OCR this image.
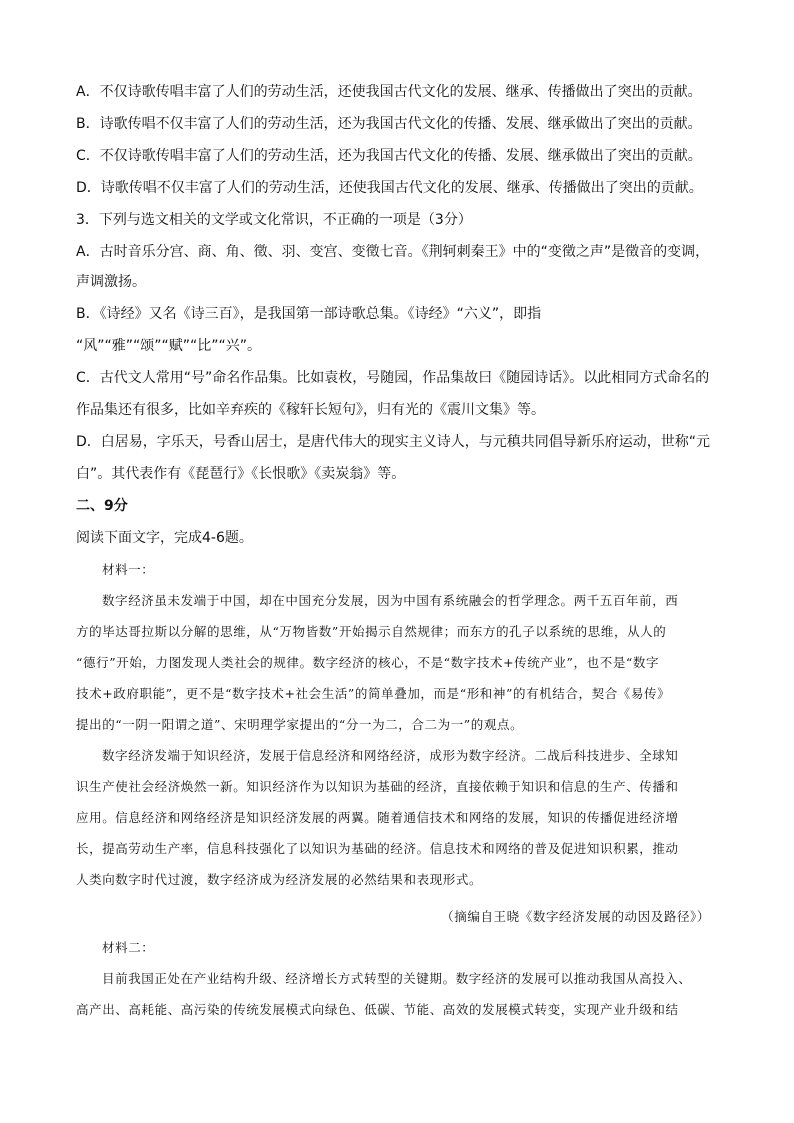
A．不仅诗歌传唱丰富了人们的劳动生活，还使我国古代文化的发展、继承、传播做出了突出的贡献。
B．诗歌传唱不仅丰富了人们的劳动生活，还为我国古代文化的传播、发展、继承做出了突出的贡献。
C．不仅诗歌传唱丰富了人们的劳动生活，还为我国古代文化的传播、发展、继承做出了突出的贡献。
D．诗歌传唱不仅丰富了人们的劳动生活，还使我国古代文化的发展、继承、传播做出了突出的贡献。
3．下列与选文相关的文学或文化常识，不正确的一项是（3分）
A．古时音乐分宫、商、角、徵、羽、变宫、变徵七音。《荆轲刺秦王》中的“变徵之声”是徵音的变调，
声调激扬。
B．《诗经》又名《诗三百》，是我国第一部诗歌总集。《诗经》“六义”，即指
“风”“雅”“颂”“赋”“比”“兴”。
C．古代文人常用“号”命名作品集。比如袁枚，号随园，作品集故曰《随园诗话》。以此相同方式命名的
作品集还有很多，比如辛弃疾的《稼轩长短句》，归有光的《震川文集》等。
D．白居易，字乐天，号香山居士，是唐代伟大的现实主义诗人，与元稹共同倡导新乐府运动，世称“元
白”。其代表作有《琵琶行》《长恨歌》《卖炭翁》等。
二、9分
阅读下面文字，完成4-6题。
材料一：
数字经济虽未发端于中国，却在中国充分发展，因为中国有系统融会的哲学理念。两千五百年前，西
方的毕达哥拉斯以分解的思维，从“万物皆数”开始揭示自然规律；而东方的孔子以系统的思维，从人的
“德行”开始，力图发现人类社会的规律。数字经济的核心，不是“数字技术+传统产业”，也不是“数字
技术+政府职能”，更不是“数字技术+社会生活”的简单叠加，而是“形和神”的有机结合，契合《易传》
提出的“一阴一阳谓之道”、宋明理学家提出的“分一为二，合二为一”的观点。
数字经济发端于知识经济，发展于信息经济和网络经济，成形为数字经济。二战后科技进步、全球知
识生产使社会经济焕然一新。知识经济作为以知识为基础的经济，直接依赖于知识和信息的生产、传播和
应用。信息经济和网络经济是知识经济发展的两翼。随着通信技术和网络的发展，知识的传播促进经济增
长，提高劳动生产率，信息科技强化了以知识为基础的经济。信息技术和网络的普及促进知识积累，推动
人类向数字时代过渡，数字经济成为经济发展的必然结果和表现形式。
（摘编自王晓《数字经济发展的动因及路径》）
材料二：
目前我国正处在产业结构升级、经济增长方式转型的关键期。数字经济的发展可以推动我国从高投入、
高产出、高耗能、高污染的传统发展模式向绿色、低碳、节能、高效的发展模式转变，实现产业升级和结
